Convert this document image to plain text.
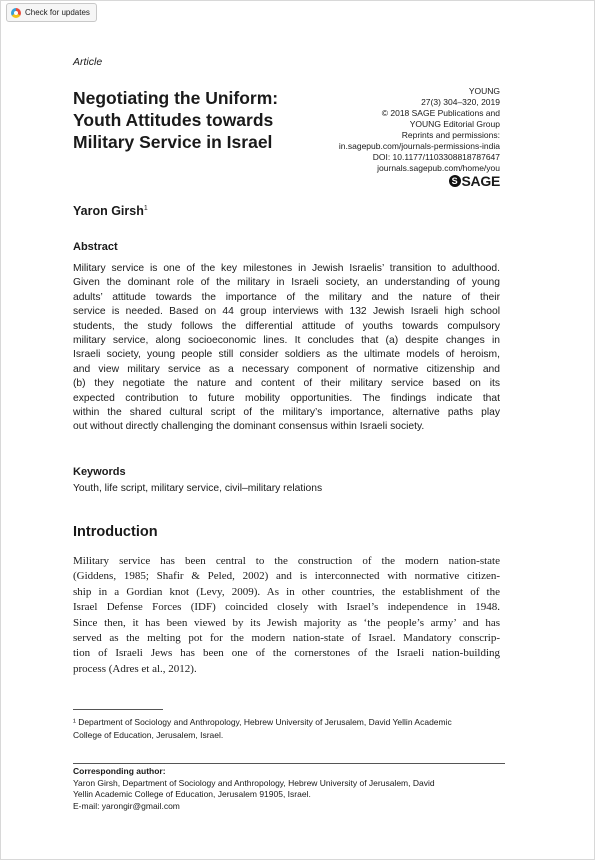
Check for updates
Article
Negotiating the Uniform:
Youth Attitudes towards
Military Service in Israel
YOUNG
27(3) 304–320, 2019
© 2018 SAGE Publications and
YOUNG Editorial Group
Reprints and permissions:
in.sagepub.com/journals-permissions-india
DOI: 10.1177/1103308818787647
journals.sagepub.com/home/you
S SAGE
Yaron Girsh$^1$
Abstract
Military service is one of the key milestones in Jewish Israelis’ transition to adulthood.
Given the dominant role of the military in Israeli society, an understanding of young
adults’ attitude towards the importance of the military and the nature of their
service is needed. Based on 44 group interviews with 132 Jewish Israeli high school
students, the study follows the differential attitude of youths towards compulsory
military service, along socioeconomic lines. It concludes that (a) despite changes in
Israeli society, young people still consider soldiers as the ultimate models of heroism,
and view military service as a necessary component of normative citizenship and
(b) they negotiate the nature and content of their military service based on its
expected contribution to future mobility opportunities. The findings indicate that
within the shared cultural script of the military’s importance, alternative paths play
out without directly challenging the dominant consensus within Israeli society.
Keywords
Youth, life script, military service, civil–military relations
Introduction
Military service has been central to the construction of the modern nation-state
(Giddens, 1985; Shafir & Peled, 2002) and is interconnected with normative citizen-
ship in a Gordian knot (Levy, 2009). As in other countries, the establishment of the
Israel Defense Forces (IDF) coincided closely with Israel’s independence in 1948.
Since then, it has been viewed by its Jewish majority as ‘the people’s army’ and has
served as the melting pot for the modern nation-state of Israel. Mandatory conscrip-
tion of Israeli Jews has been one of the cornerstones of the Israeli nation-building
process (Adres et al., 2012).
¹ Department of Sociology and Anthropology, Hebrew University of Jerusalem, David Yellin Academic
College of Education, Jerusalem, Israel.
Corresponding author:
Yaron Girsh, Department of Sociology and Anthropology, Hebrew University of Jerusalem, David
Yellin Academic College of Education, Jerusalem 91905, Israel.
E-mail: yarongir@gmail.com
